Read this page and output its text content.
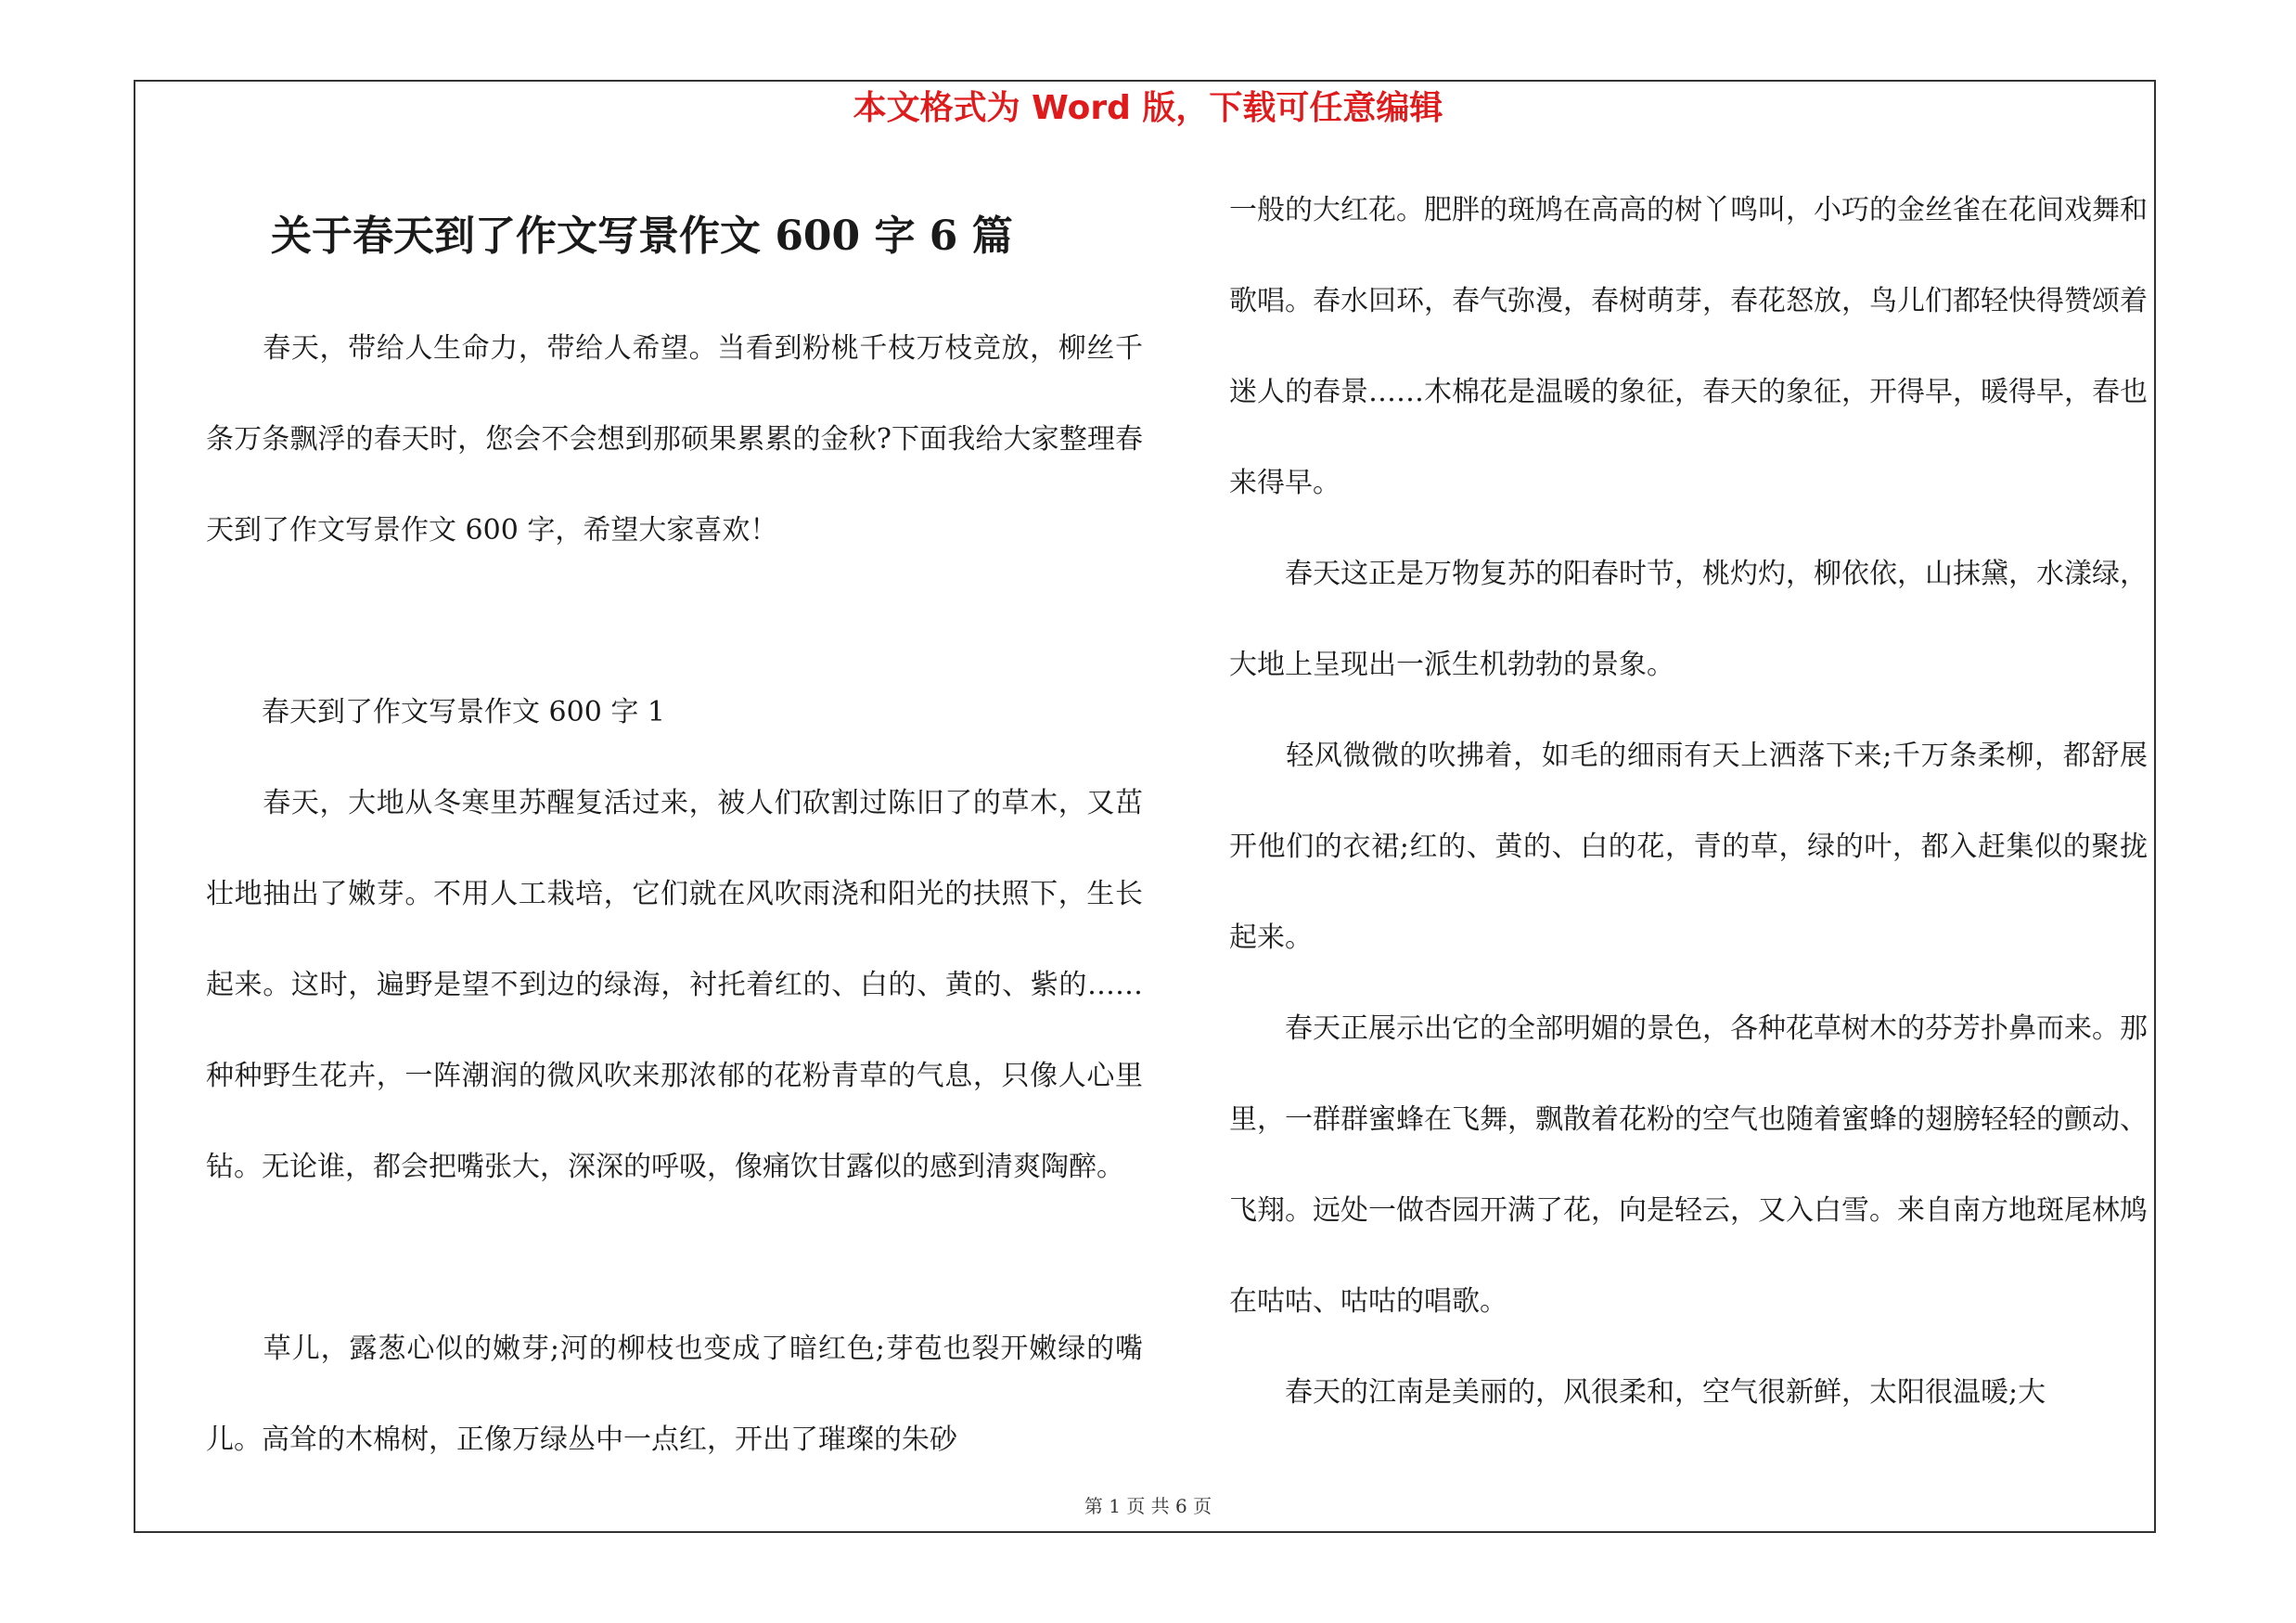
本文格式为 Word 版，下载可任意编辑
关于春天到了作文写景作文 600 字 6 篇

　　春天，带给人生命力，带给人希望。当看到粉桃千枝万枝竞放，柳丝千条万条飘浮的春天时，您会不会想到那硕果累累的金秋?下面我给大家整理春天到了作文写景作文 600 字，希望大家喜欢！

　　春天到了作文写景作文 600 字 1

　　春天，大地从冬寒里苏醒复活过来，被人们砍割过陈旧了的草木，又茁壮地抽出了嫩芽。不用人工栽培，它们就在风吹雨浇和阳光的扶照下，生长起来。这时，遍野是望不到边的绿海，衬托着红的、白的、黄的、紫的……种种野生花卉，一阵潮润的微风吹来那浓郁的花粉青草的气息，只像人心里钻。无论谁，都会把嘴张大，深深的呼吸，像痛饮甘露似的感到清爽陶醉。

　　草儿，露葱心似的嫩芽;河的柳枝也变成了暗红色;芽苞也裂开嫩绿的嘴儿。高耸的木棉树，正像万绿丛中一点红，开出了璀璨的朱砂

一般的大红花。肥胖的斑鸠在高高的树丫鸣叫，小巧的金丝雀在花间戏舞和歌唱。春水回环，春气弥漫，春树萌芽，春花怒放，鸟儿们都轻快得赞颂着迷人的春景……木棉花是温暖的象征，春天的象征，开得早，暖得早，春也来得早。

　　春天这正是万物复苏的阳春时节，桃灼灼，柳依依，山抹黛，水漾绿，大地上呈现出一派生机勃勃的景象。

　　轻风微微的吹拂着，如毛的细雨有天上洒落下来;千万条柔柳，都舒展开他们的衣裙;红的、黄的、白的花，青的草，绿的叶，都入赶集似的聚拢起来。

　　春天正展示出它的全部明媚的景色，各种花草树木的芬芳扑鼻而来。那里，一群群蜜蜂在飞舞，飘散着花粉的空气也随着蜜蜂的翅膀轻轻的颤动、飞翔。远处一做杏园开满了花，向是轻云，又入白雪。来自南方地斑尾林鸠在咕咕、咕咕的唱歌。

　　春天的江南是美丽的，风很柔和，空气很新鲜，太阳很温暖;大

第 1 页 共 6 页
